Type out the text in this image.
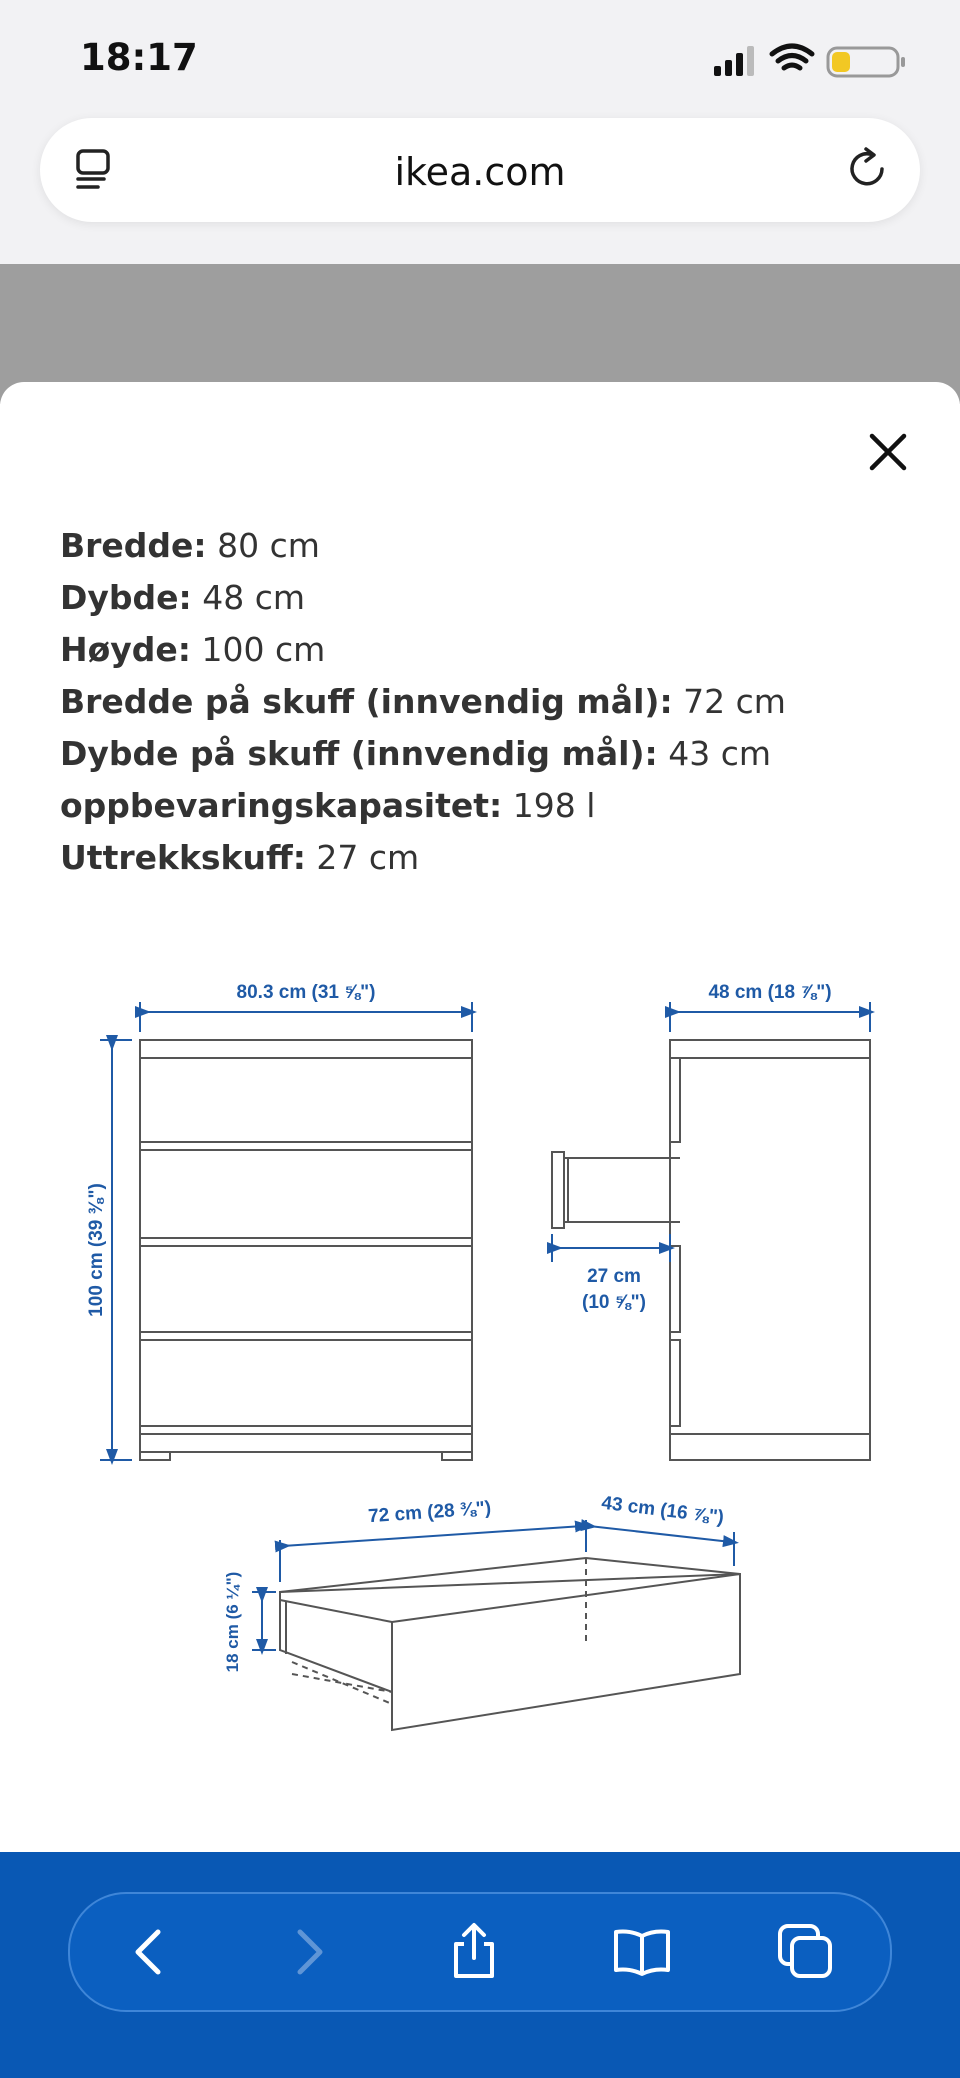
18:17
ikea.com
Bredde: 80 cm
Dybde: 48 cm
Høyde: 100 cm
Bredde på skuff (innvendig mål): 72 cm
Dybde på skuff (innvendig mål): 43 cm
oppbevaringskapasitet: 198 l
Uttrekkskuff: 27 cm
80.3 cm (31 ⅝")
100 cm (39 ⅜")
48 cm (18 ⅞")
27 cm
(10 ⅝")
72 cm (28 ⅜")	43 cm (16 ⅞")
18 cm (6 ¼")
